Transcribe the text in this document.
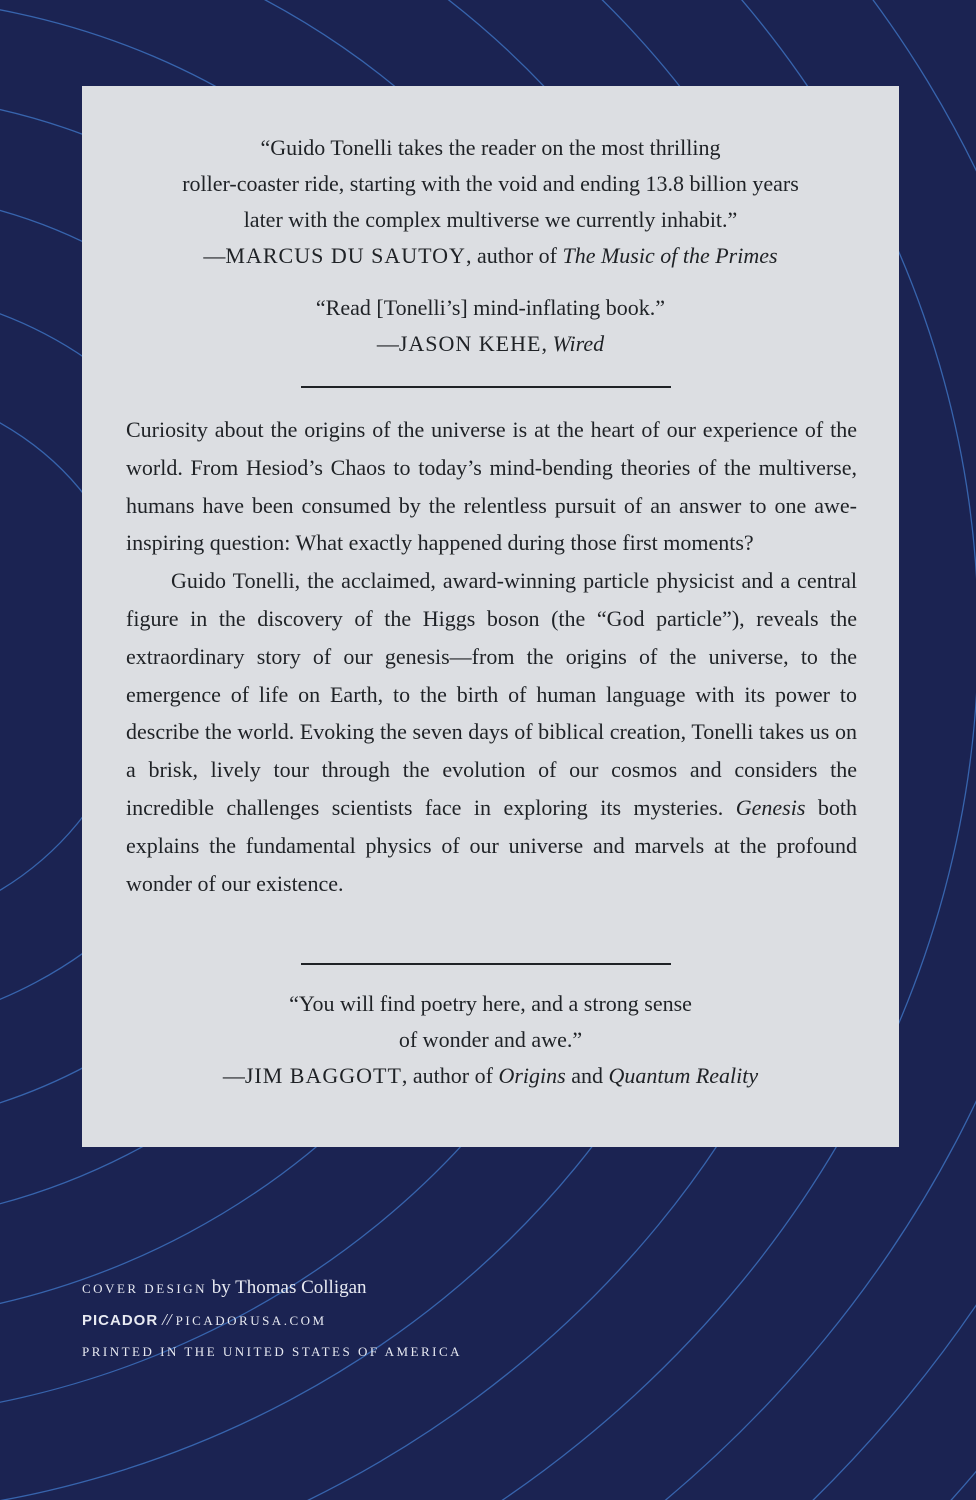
“Guido Tonelli takes the reader on the most thrilling

roller-coaster ride, starting with the void and ending 13.8 billion years

later with the complex multiverse we currently inhabit.”

—MARCUS DU SAUTOY, author of The Music of the Primes

“Read [Tonelli’s] mind-inflating book.”

—JASON KEHE, Wired

Curiosity about the origins of the universe is at the heart of our experience of the world. From Hesiod’s Chaos to today’s mind-bending theories of the multiverse, humans have been consumed by the relentless pursuit of an answer to one awe-inspiring question: What exactly happened during those first moments?

Guido Tonelli, the acclaimed, award-winning particle physicist and a central figure in the discovery of the Higgs boson (the “God particle”), reveals the extraordinary story of our genesis—from the origins of the universe, to the emergence of life on Earth, to the birth of human language with its power to describe the world. Evoking the seven days of biblical creation, Tonelli takes us on a brisk, lively tour through the evolution of our cosmos and considers the incredible challenges scientists face in exploring its mysteries. Genesis both explains the fundamental physics of our universe and marvels at the profound wonder of our existence.

“You will find poetry here, and a strong sense

of wonder and awe.”

—JIM BAGGOTT, author of Origins and Quantum Reality

COVER DESIGN by Thomas Colligan
PICADOR // PICADORUSA.COM
PRINTED IN THE UNITED STATES OF AMERICA
